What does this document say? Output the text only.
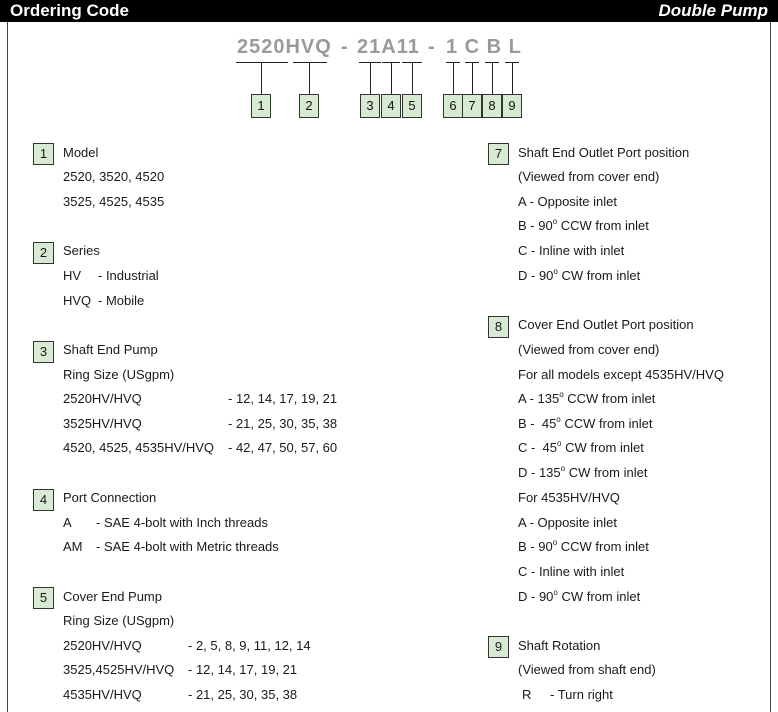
Ordering Code	Double Pump
2520HVQ - 21A11 - 1 C B L
1	2	3	4	5	6 7 8 9
1	Model
2520, 3520, 4520
3525, 4525, 4535
2	Series
HV - Industrial
HVQ - Mobile
3	Shaft End Pump
Ring Size (USgpm)
2520HV/HVQ	- 12, 14, 17, 19, 21
3525HV/HVQ	- 21, 25, 30, 35, 38
4520, 4525, 4535HV/HVQ - 42, 47, 50, 57, 60
4	Port Connection
A - SAE 4-bolt with Inch threads
AM - SAE 4-bolt with Metric threads
5	Cover End Pump
Ring Size (USgpm)
2520HV/HVQ	- 2, 5, 8, 9, 11, 12, 14
3525,4525HV/HVQ - 12, 14, 17, 19, 21
4535HV/HVQ	- 21, 25, 30, 35, 38
7	Shaft End Outlet Port position
(Viewed from cover end)
A - Opposite inlet
B - 90$^o$ CCW from inlet
C - Inline with inlet
D - 90$^o$ CW from inlet
8	Cover End Outlet Port position
(Viewed from cover end)
For all models except 4535HV/HVQ
A - 135$^o$ CCW from inlet
B -  45$^o$ CCW from inlet
C -  45$^o$ CW from inlet
D - 135$^o$ CW from inlet
For 4535HV/HVQ
A - Opposite inlet
B - 90$^o$ CCW from inlet
C - Inline with inlet
D - 90$^o$ CW from inlet
9	Shaft Rotation
(Viewed from shaft end)
R - Turn right
